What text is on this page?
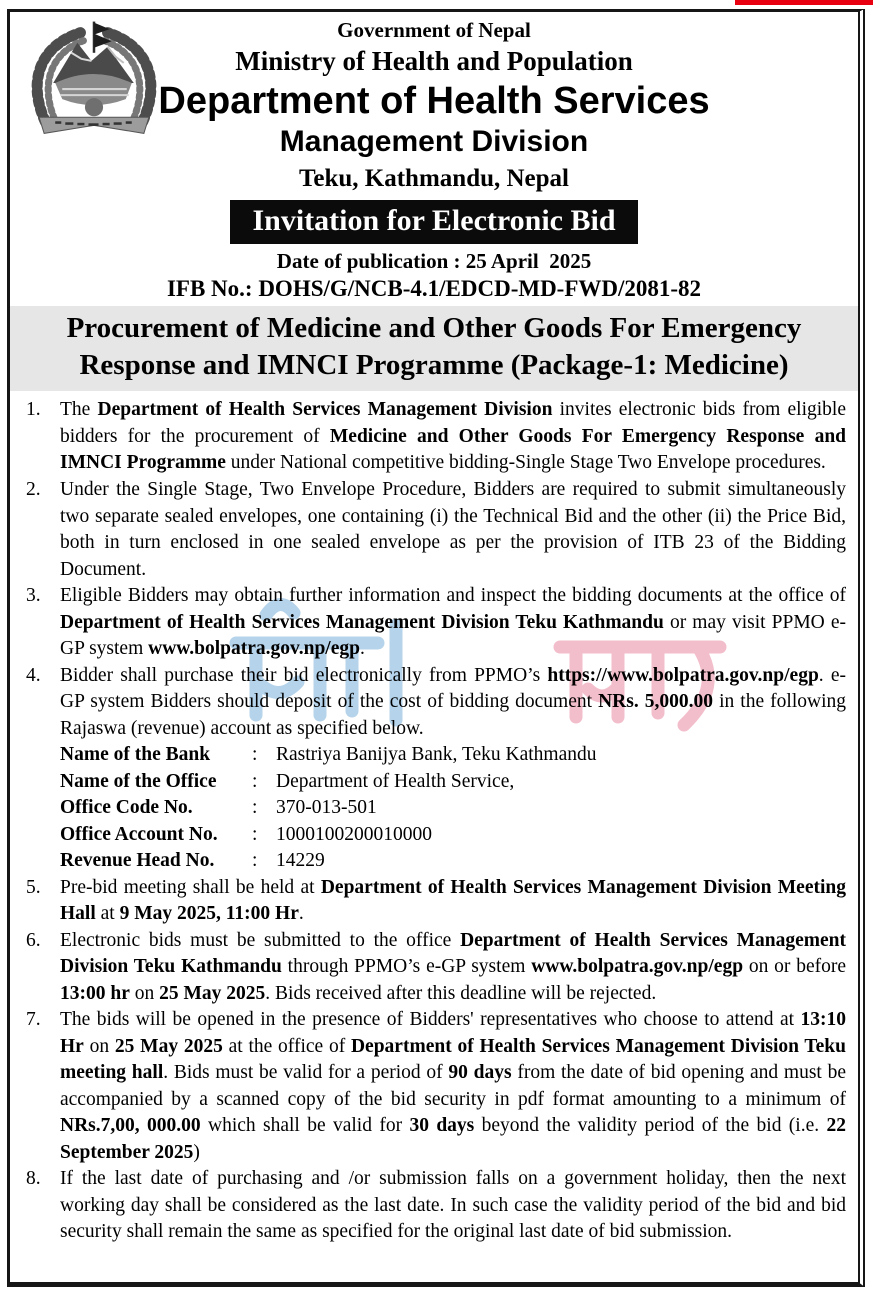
Government of Nepal
Ministry of Health and Population
Department of Health Services
Management Division
Teku, Kathmandu, Nepal
Invitation for Electronic Bid
Date of publication : 25 April  2025
IFB No.: DOHS/G/NCB-4.1/EDCD-MD-FWD/2081-82
Procurement of Medicine and Other Goods For Emergency Response and IMNCI Programme (Package-1: Medicine)
1. The Department of Health Services Management Division invites electronic bids from eligible bidders for the procurement of Medicine and Other Goods For Emergency Response and IMNCI Programme under National competitive bidding-Single Stage Two Envelope procedures.

2. Under the Single Stage, Two Envelope Procedure, Bidders are required to submit simultaneously two separate sealed envelopes, one containing (i) the Technical Bid and the other (ii) the Price Bid, both in turn enclosed in one sealed envelope as per the provision of ITB 23 of the Bidding Document.

3. Eligible Bidders may obtain further information and inspect the bidding documents at the office of Department of Health Services Management Division Teku Kathmandu or may visit PPMO e-GP system www.bolpatra.gov.np/egp.

4. Bidder shall purchase their bid electronically from PPMO’s https://www.bolpatra.gov.np/egp. e-GP system Bidders should deposit of the cost of bidding document NRs. 5,000.00 in the following Rajaswa (revenue) account as specified below.

Name of the Bank	: Rastriya Banijya Bank, Teku Kathmandu
Name of the Office	: Department of Health Service,
Office Code No.	: 370-013-501
Office Account No.	: 1000100200010000
Revenue Head No.	: 14229
5. Pre-bid meeting shall be held at Department of Health Services Management Division Meeting Hall at 9 May 2025, 11:00 Hr.

6. Electronic bids must be submitted to the office Department of Health Services Management Division Teku Kathmandu through PPMO’s e-GP system www.bolpatra.gov.np/egp on or before 13:00 hr on 25 May 2025. Bids received after this deadline will be rejected.

7. The bids will be opened in the presence of Bidders' representatives who choose to attend at 13:10 Hr on 25 May 2025 at the office of Department of Health Services Management Division Teku meeting hall. Bids must be valid for a period of 90 days from the date of bid opening and must be accompanied by a scanned copy of the bid security in pdf format amounting to a minimum of NRs.7,00, 000.00 which shall be valid for 30 days beyond the validity period of the bid (i.e. 22 September 2025)

8. If the last date of purchasing and /or submission falls on a government holiday, then the next working day shall be considered as the last date. In such case the validity period of the bid and bid security shall remain the same as specified for the original last date of bid submission.
